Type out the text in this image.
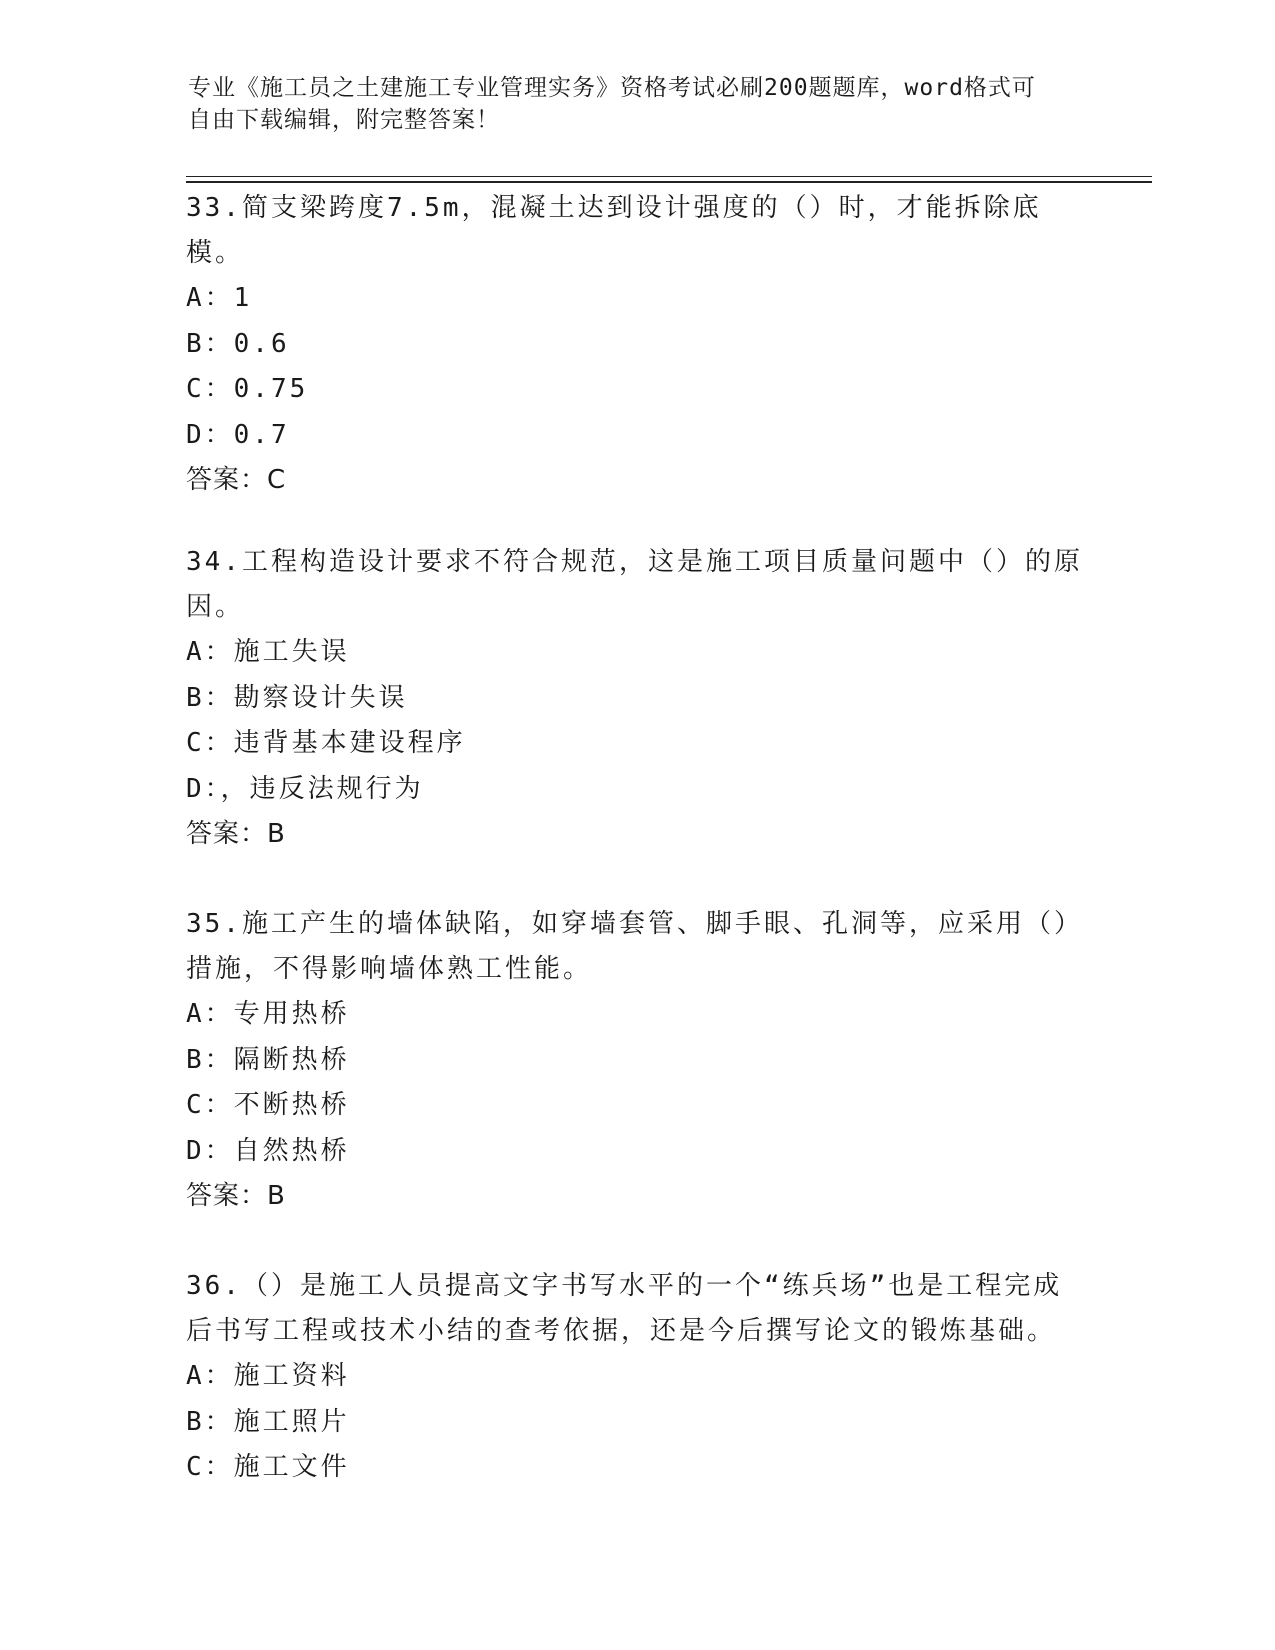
专业《施工员之土建施工专业管理实务》资格考试必刷200题题库，word格式可
自由下载编辑，附完整答案！
33.简支梁跨度7.5m，混凝土达到设计强度的（）时，才能拆除底模。
A：1
B：0.6
C：0.75
D：0.7
答案：C
34.工程构造设计要求不符合规范，这是施工项目质量问题中（）的原因。
A：施工失误
B：勘察设计失误
C：违背基本建设程序
D：，违反法规行为
答案：B
35.施工产生的墙体缺陷，如穿墙套管、脚手眼、孔洞等，应采用（）措施，不得影响墙体熟工性能。
A：专用热桥
B：隔断热桥
C：不断热桥
D：自然热桥
答案：B
36.（）是施工人员提高文字书写水平的一个“练兵场”也是工程完成后书写工程或技术小结的查考依据，还是今后撰写论文的锻炼基础。
A：施工资料
B：施工照片
C：施工文件
